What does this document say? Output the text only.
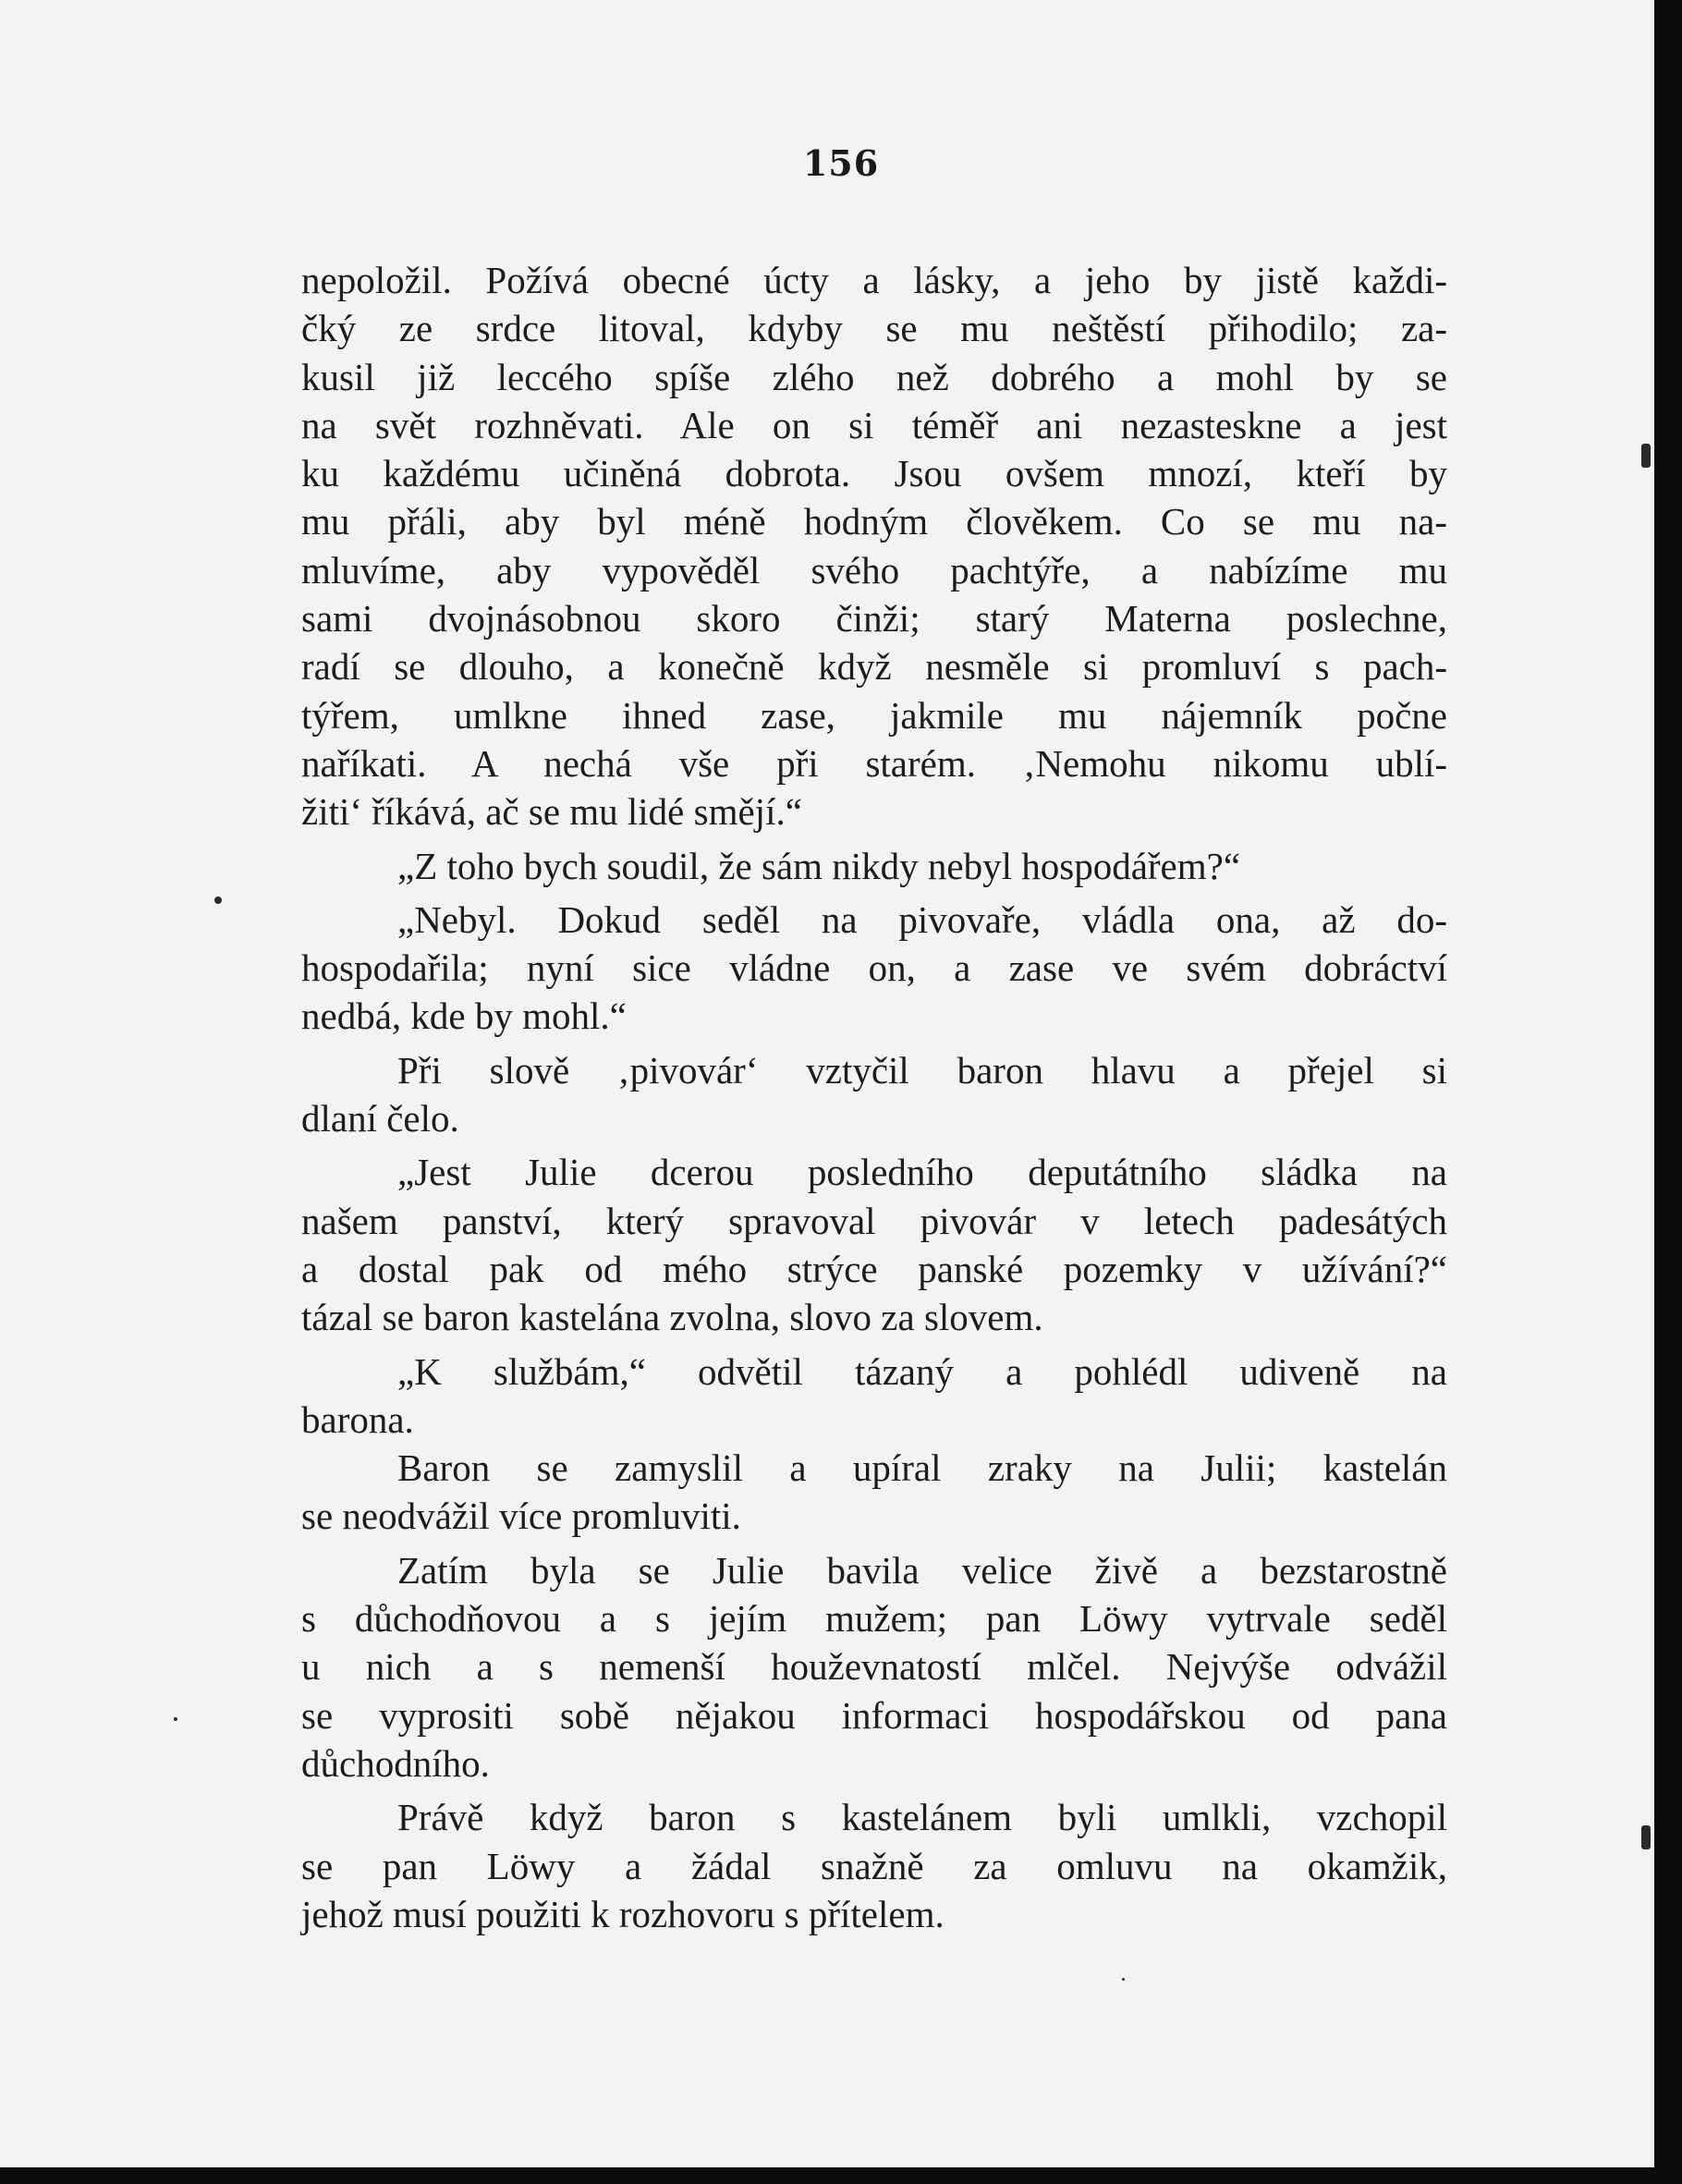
156
nepoložil. Požívá obecné úcty a lásky, a jeho by jistě každi-
čký ze srdce litoval, kdyby se mu neštěstí přihodilo; za-
kusil již leccého spíše zlého než dobrého a mohl by se
na svět rozhněvati. Ale on si téměř ani nezasteskne a jest
ku každému učiněná dobrota. Jsou ovšem mnozí, kteří by
mu přáli, aby byl méně hodným člověkem. Co se mu na-
mluvíme, aby vypověděl svého pachtýře, a nabízíme mu
sami dvojnásobnou skoro činži; starý Materna poslechne,
radí se dlouho, a konečně když nesměle si promluví s pach-
týřem, umlkne ihned zase, jakmile mu nájemník počne
naříkati. A nechá vše při starém. ‚Nemohu nikomu ublí-
žiti‘ říkává, ač se mu lidé smějí.“
„Z toho bych soudil, že sám nikdy nebyl hospodářem?“
„Nebyl. Dokud seděl na pivovaře, vládla ona, až do-
hospodařila; nyní sice vládne on, a zase ve svém dobráctví
nedbá, kde by mohl.“
Při slově ‚pivovár‘ vztyčil baron hlavu a přejel si
dlaní čelo.
„Jest Julie dcerou posledního deputátního sládka na
našem panství, který spravoval pivovár v letech padesátých
a dostal pak od mého strýce panské pozemky v užívání?“
tázal se baron kastelána zvolna, slovo za slovem.
„K službám,“ odvětil tázaný a pohlédl udiveně na
barona.
Baron se zamyslil a upíral zraky na Julii; kastelán
se neodvážil více promluviti.
Zatím byla se Julie bavila velice živě a bezstarostně
s důchodňovou a s jejím mužem; pan Löwy vytrvale seděl
u nich a s nemenší houževnatostí mlčel. Nejvýše odvážil
se vyprositi sobě nějakou informaci hospodářskou od pana
důchodního.
Právě když baron s kastelánem byli umlkli, vzchopil
se pan Löwy a žádal snažně za omluvu na okamžik,
jehož musí použiti k rozhovoru s přítelem.
